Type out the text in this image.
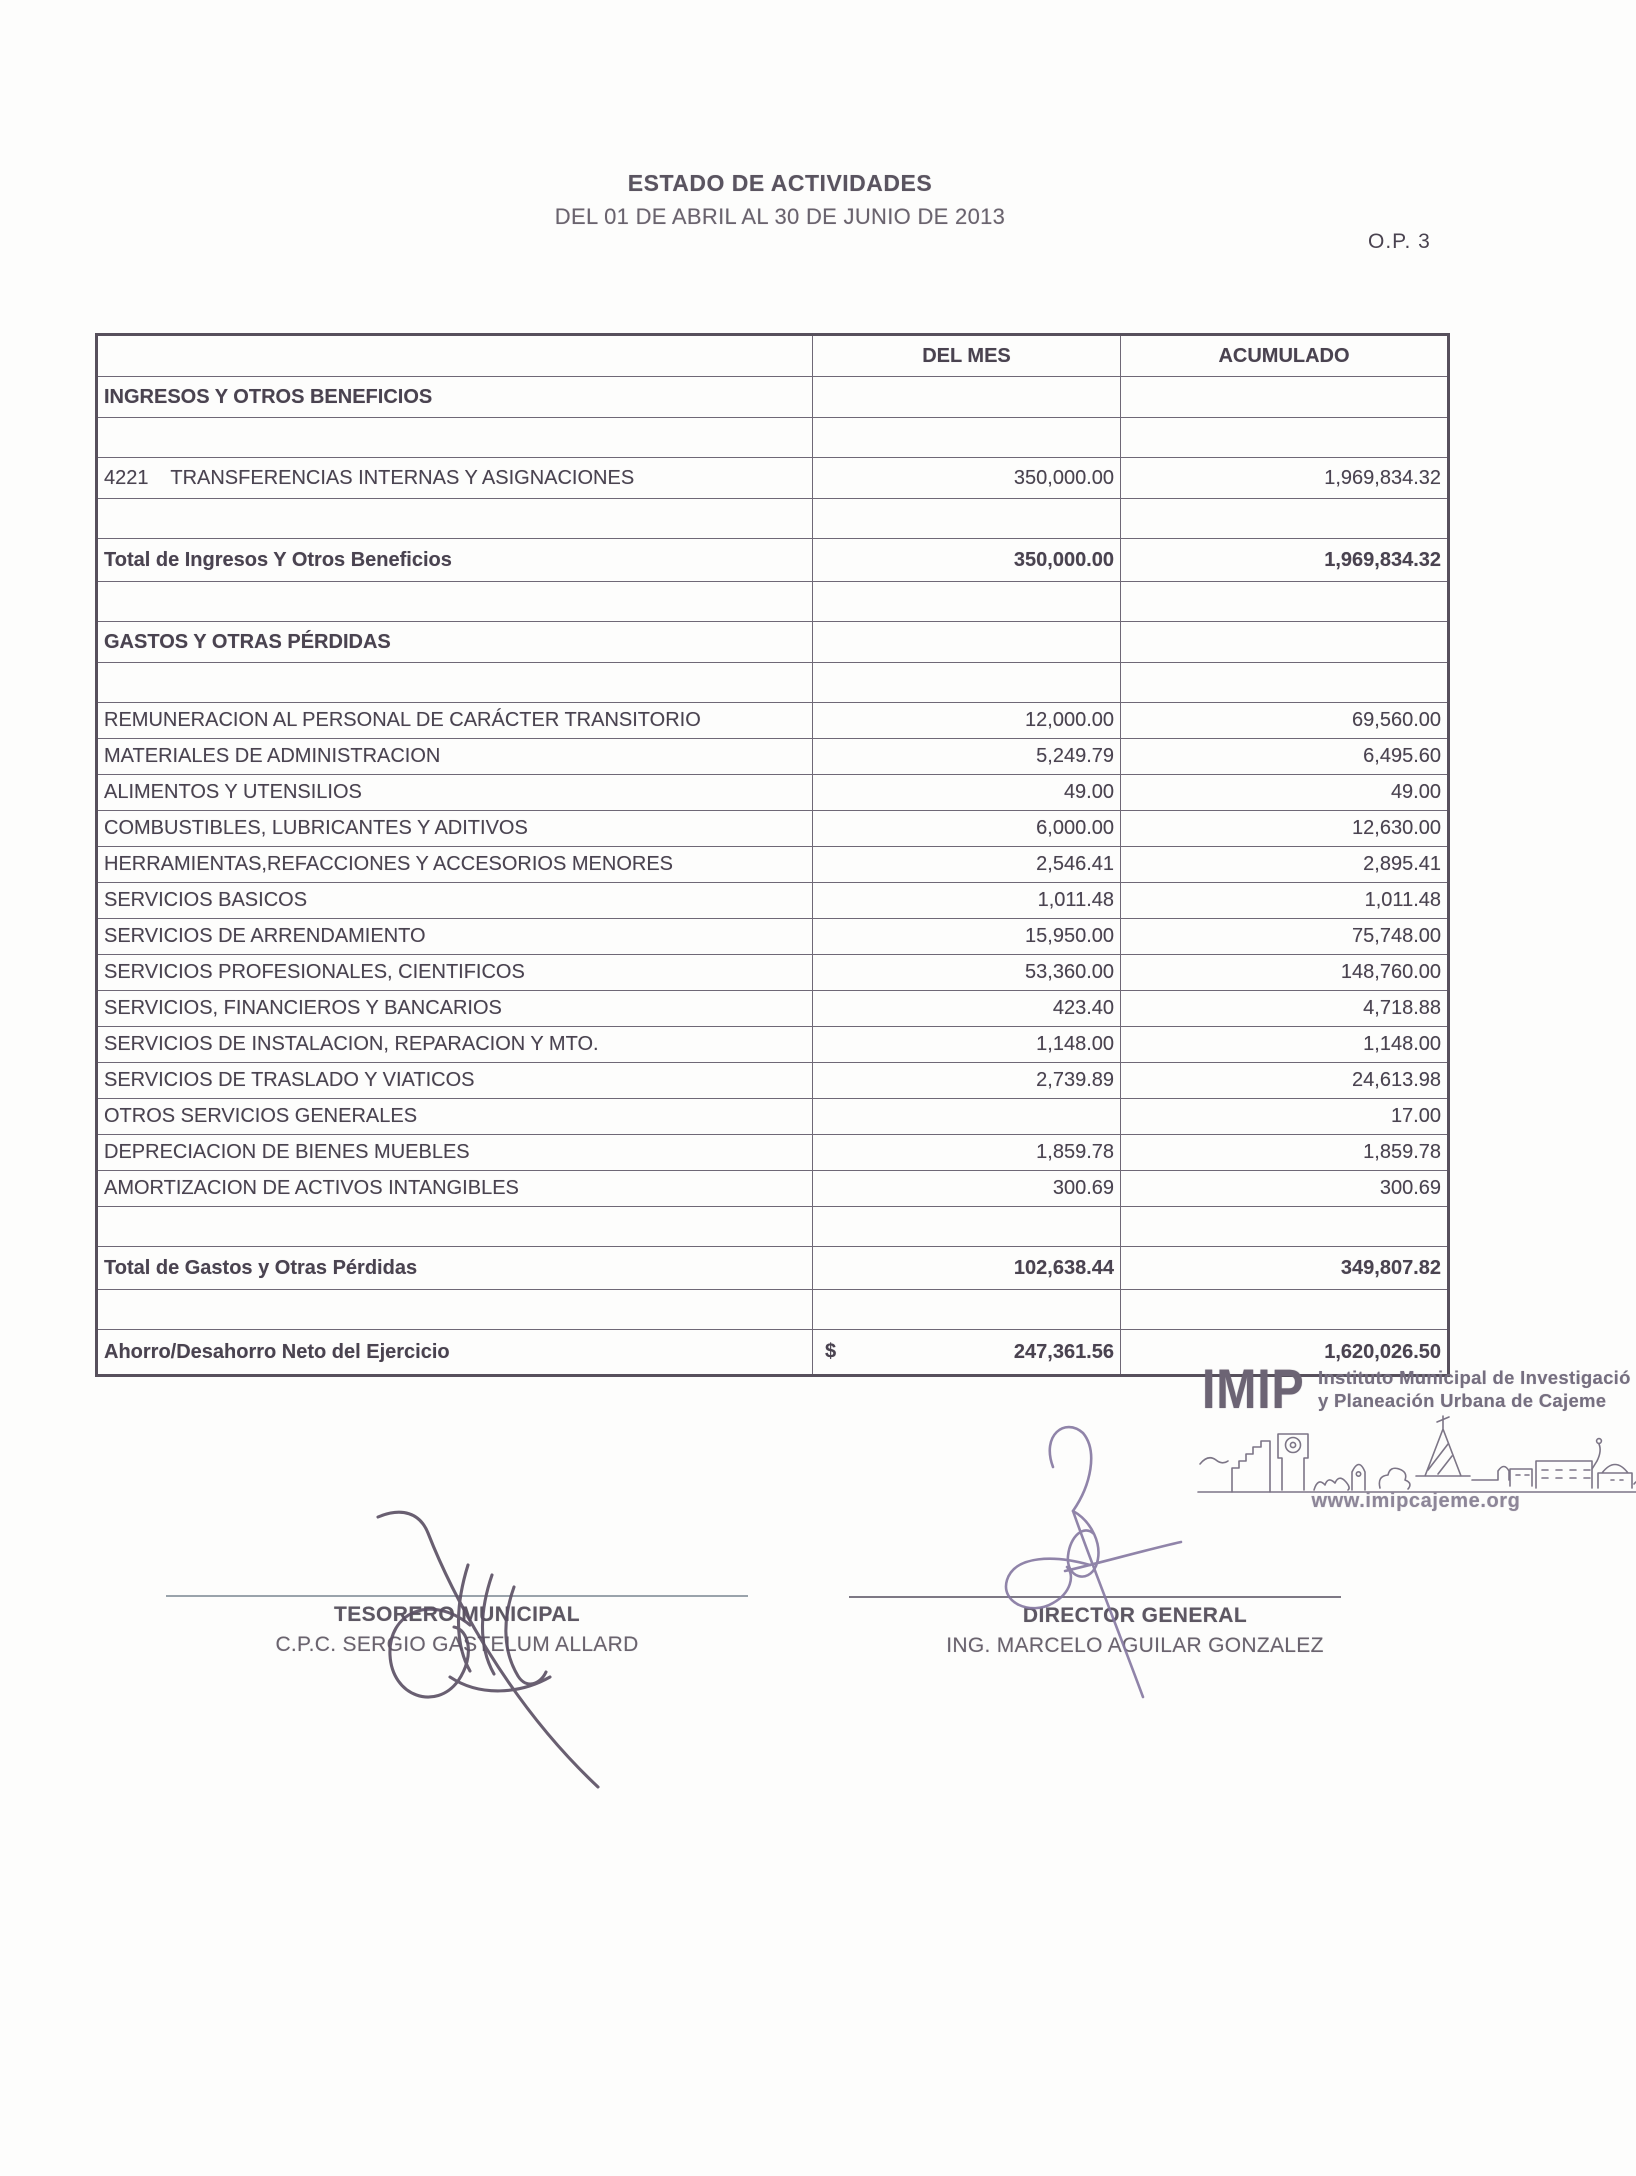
ESTADO DE ACTIVIDADES
DEL 01 DE ABRIL AL 30 DE JUNIO DE 2013
O.P. 3
	DEL MES	ACUMULADO
INGRESOS Y OTROS BENEFICIOS		

4221    TRANSFERENCIAS INTERNAS Y ASIGNACIONES	350,000.00	1,969,834.32

Total de Ingresos Y Otros Beneficios	350,000.00	1,969,834.32

GASTOS Y OTRAS PÉRDIDAS		

REMUNERACION AL PERSONAL DE CARÁCTER TRANSITORIO	12,000.00	69,560.00
MATERIALES DE ADMINISTRACION	5,249.79	6,495.60
ALIMENTOS Y UTENSILIOS	49.00	49.00
COMBUSTIBLES, LUBRICANTES Y ADITIVOS	6,000.00	12,630.00
HERRAMIENTAS,REFACCIONES Y ACCESORIOS MENORES	2,546.41	2,895.41
SERVICIOS BASICOS	1,011.48	1,011.48
SERVICIOS DE ARRENDAMIENTO	15,950.00	75,748.00
SERVICIOS PROFESIONALES, CIENTIFICOS	53,360.00	148,760.00
SERVICIOS, FINANCIEROS Y BANCARIOS	423.40	4,718.88
SERVICIOS DE INSTALACION, REPARACION Y MTO.	1,148.00	1,148.00
SERVICIOS DE TRASLADO Y VIATICOS	2,739.89	24,613.98
OTROS SERVICIOS GENERALES		17.00
DEPRECIACION DE BIENES MUEBLES	1,859.78	1,859.78
AMORTIZACION DE ACTIVOS INTANGIBLES	300.69	300.69

Total de Gastos y Otras Pérdidas	102,638.44	349,807.82

Ahorro/Desahorro Neto del Ejercicio	$ 247,361.56	1,620,026.50
IMIP Instituto Municipal de Investigació
y Planeación Urbana de Cajeme
www.imipcajeme.org
TESORERO MUNICIPAL
C.P.C. SERGIO GASTELUM ALLARD
DIRECTOR GENERAL
ING. MARCELO AGUILAR GONZALEZ
